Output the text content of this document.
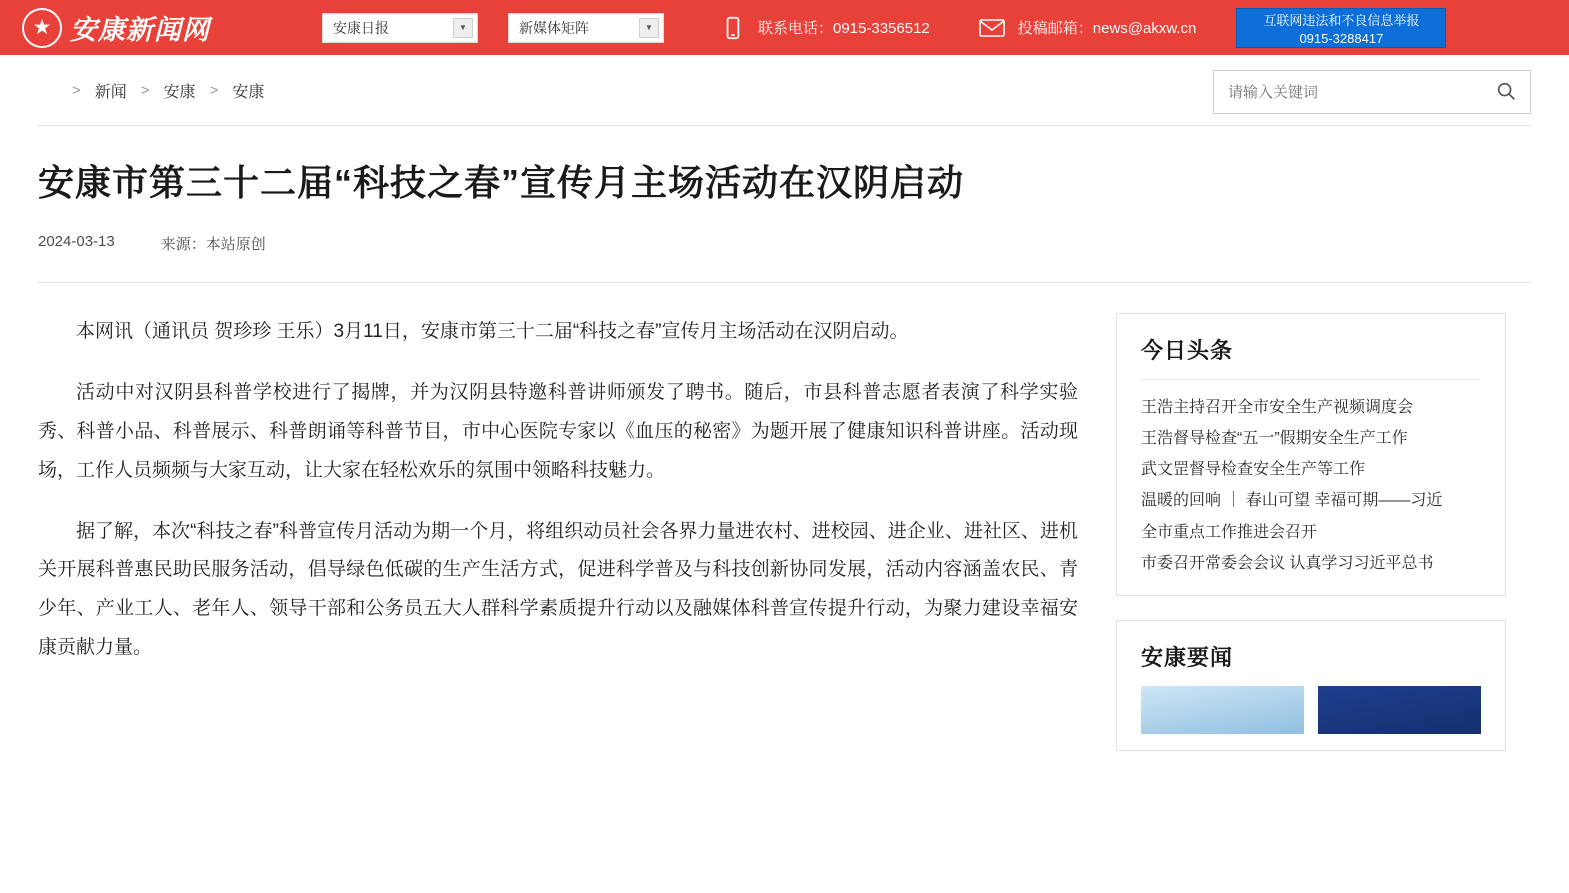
★ 安康新闻网	安康日报	▼	新媒体矩阵	▼	联系电话：0915-3356512	投稿邮箱：news@akxw.cn	互联网违法和不良信息举报
0915-3288417
> 新闻 > 安康 > 安康
请输入关键词
安康市第三十二届“科技之春”宣传月主场活动在汉阴启动
2024-03-13	来源：本站原创

本网讯（通讯员 贺珍珍 王乐）3月11日，安康市第三十二届“科技之春”宣传月主场活动在汉阴启动。

活动中对汉阴县科普学校进行了揭牌，并为汉阴县特邀科普讲师颁发了聘书。随后，市县科普志愿者表演了科学实验秀、科普小品、科普展示、科普朗诵等科普节目，市中心医院专家以《血压的秘密》为题开展了健康知识科普讲座。活动现场，工作人员频频与大家互动，让大家在轻松欢乐的氛围中领略科技魅力。

据了解，本次“科技之春”科普宣传月活动为期一个月，将组织动员社会各界力量进农村、进校园、进企业、进社区、进机关开展科普惠民助民服务活动，倡导绿色低碳的生产生活方式，促进科学普及与科技创新协同发展，活动内容涵盖农民、青少年、产业工人、老年人、领导干部和公务员五大人群科学素质提升行动以及融媒体科普宣传提升行动，为聚力建设幸福安康贡献力量。

今日头条
王浩主持召开全市安全生产视频调度会
王浩督导检查“五一”假期安全生产工作
武文罡督导检查安全生产等工作
温暖的回响 ｜ 春山可望 幸福可期——习近
全市重点工作推进会召开
市委召开常委会会议 认真学习习近平总书
安康要闻
